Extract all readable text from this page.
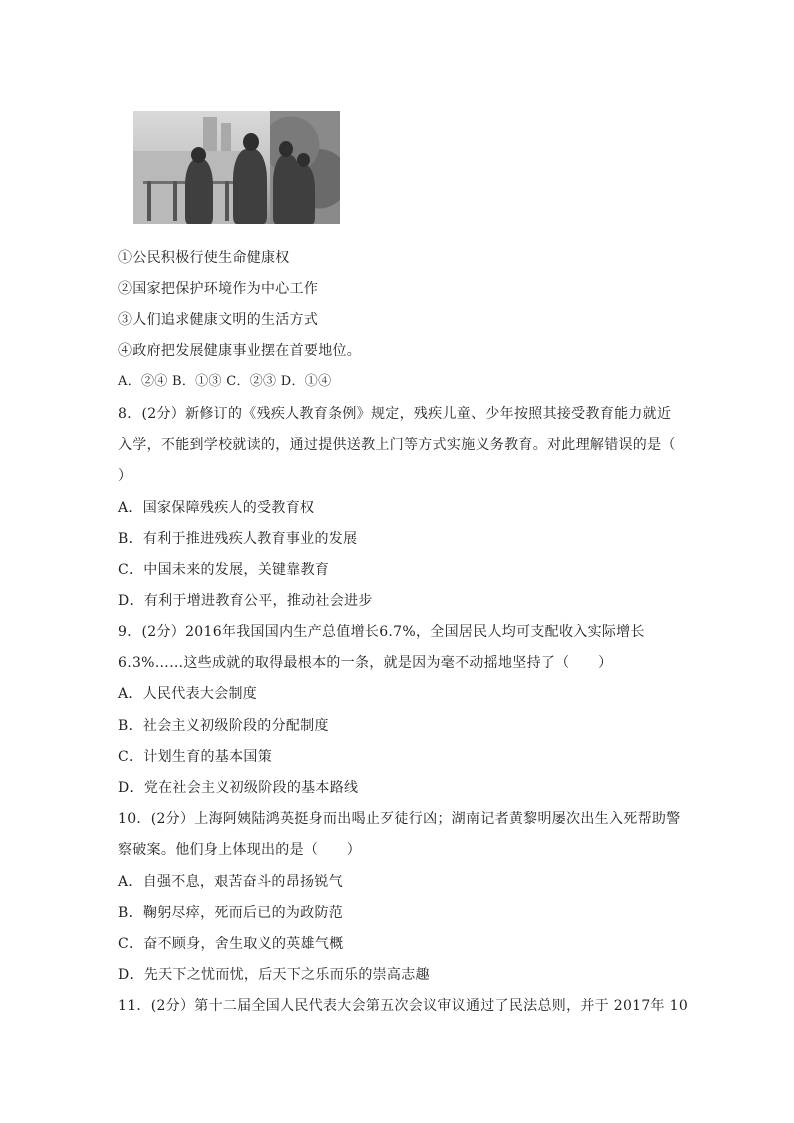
①公民积极行使生命健康权
②国家把保护环境作为中心工作
③人们追求健康文明的生活方式
④政府把发展健康事业摆在首要地位。
A．②④ B．①③ C．②③ D．①④
8．(2分）新修订的《残疾人教育条例》规定，残疾儿童、少年按照其接受教育能力就近
入学，不能到学校就读的，通过提供送教上门等方式实施义务教育。对此理解错误的是（
）
A．国家保障残疾人的受教育权
B．有利于推进残疾人教育事业的发展
C．中国未来的发展，关键靠教育
D．有利于增进教育公平，推动社会进步
9．(2分）2016年我国国内生产总值增长6.7%，全国居民人均可支配收入实际增长
6.3%……这些成就的取得最根本的一条，就是因为毫不动摇地坚持了（　　）
A．人民代表大会制度
B．社会主义初级阶段的分配制度
C．计划生育的基本国策
D．党在社会主义初级阶段的基本路线
10．(2分）上海阿姨陆鸿英挺身而出喝止歹徒行凶；湖南记者黄黎明屡次出生入死帮助警
察破案。他们身上体现出的是（　　）
A．自强不息，艰苦奋斗的昂扬锐气
B．鞠躬尽瘁，死而后已的为政防范
C．奋不顾身，舍生取义的英雄气概
D．先天下之忧而忧，后天下之乐而乐的崇高志趣
11．(2分）第十二届全国人民代表大会第五次会议审议通过了民法总则，并于 2017年 10
